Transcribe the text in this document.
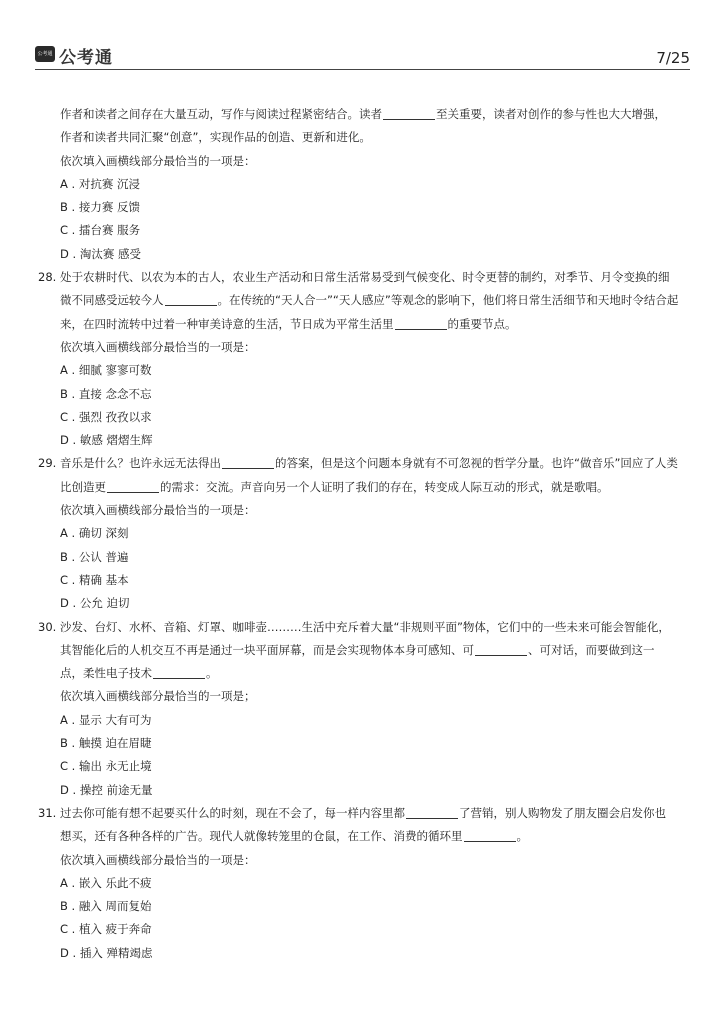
公考通 公考通	7/25
作者和读者之间存在大量互动，写作与阅读过程紧密结合。读者	至关重要，读者对创作的参与性也大大增强，
作者和读者共同汇聚“创意”，实现作品的创造、更新和进化。
依次填入画横线部分最恰当的一项是：
A . 对抗赛 沉浸
B . 接力赛 反馈
C . 擂台赛 服务
D . 淘汰赛 感受
28. 处于农耕时代、以农为本的古人，农业生产活动和日常生活常易受到气候变化、时令更替的制约，对季节、月令变换的细
微不同感受远较今人	。在传统的“天人合一”“天人感应”等观念的影响下，他们将日常生活细节和天地时令结合起
来，在四时流转中过着一种审美诗意的生活，节日成为平常生活里	的重要节点。
依次填入画横线部分最恰当的一项是：
A . 细腻 寥寥可数
B . 直接 念念不忘
C . 强烈 孜孜以求
D . 敏感 熠熠生辉
29. 音乐是什么？也许永远无法得出	的答案，但是这个问题本身就有不可忽视的哲学分量。也许“做音乐”回应了人类
比创造更	的需求：交流。声音向另一个人证明了我们的存在，转变成人际互动的形式，就是歌唱。
依次填入画横线部分最恰当的一项是：
A . 确切 深刻
B . 公认 普遍
C . 精确 基本
D . 公允 迫切
30. 沙发、台灯、水杯、音箱、灯罩、咖啡壶………生活中充斥着大量“非规则平面”物体，它们中的一些未来可能会智能化，
其智能化后的人机交互不再是通过一块平面屏幕，而是会实现物体本身可感知、可	、可对话，而要做到这一
点，柔性电子技术	。
依次填入画横线部分最恰当的一项是；
A . 显示 大有可为
B . 触摸 迫在眉睫
C . 输出 永无止境
D . 操控 前途无量
31. 过去你可能有想不起要买什么的时刻，现在不会了，每一样内容里都	了营销，别人购物发了朋友圈会启发你也
想买，还有各种各样的广告。现代人就像转笼里的仓鼠，在工作、消费的循环里	。
依次填入画横线部分最恰当的一项是：
A . 嵌入 乐此不疲
B . 融入 周而复始
C . 植入 疲于奔命
D . 插入 殚精竭虑
